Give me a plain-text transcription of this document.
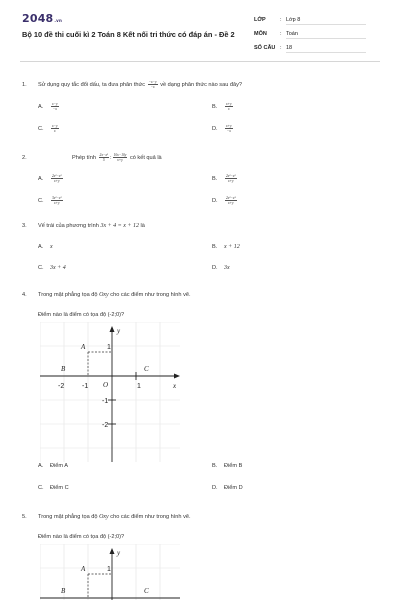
2048.vn
Bộ 10 đề thi cuối kì 2 Toán 8 Kết nối tri thức có đáp án - Đề 2
LỚP	: Lớp 8
MÔN : Toán
SỐ CÂU : 18
1. Sử dụng quy tắc đổi dấu, ta đưa phân thức $\frac{-x-y}{-x}$ về dạng phân thức nào sau đây?
A. $\frac{x-y}{-x}$	B. $\frac{x+y}{x}$
C. $\frac{x-y}{x}$	D. $\frac{x+y}{-x}$
2.	Phép tính $\frac{\text{2x−x²}}{5}$ : $\frac{10x-10y}{x+y}$ có kết quả là
A. $\frac{\text{2x²−x²}}{x+y}$	B. $\frac{\text{2x²−x²}}{x+y}$
C. $\frac{\text{3x²−x²}}{x+y}$	D. $\frac{\text{2x²−x³}}{x+y}$
3. Vế trái của phương trình 3x + 4 = x + 12 là
A. x	B. x + 12
C. 3x + 4	D. 3x
4. Trong mặt phẳng tọa độ Oxy cho các điểm như trong hình vẽ.
Điểm nào là điểm có tọa độ (-2;0)?
y
x
O
-2	-1	1
1
-1
-2
A
B	C
A. Điểm A	B. Điểm B
C. Điểm C	D. Điểm D
5. Trong mặt phẳng tọa độ Oxy cho các điểm như trong hình vẽ.
Điểm nào là điểm có tọa độ (-2;0)?
y
1
A
B	C
